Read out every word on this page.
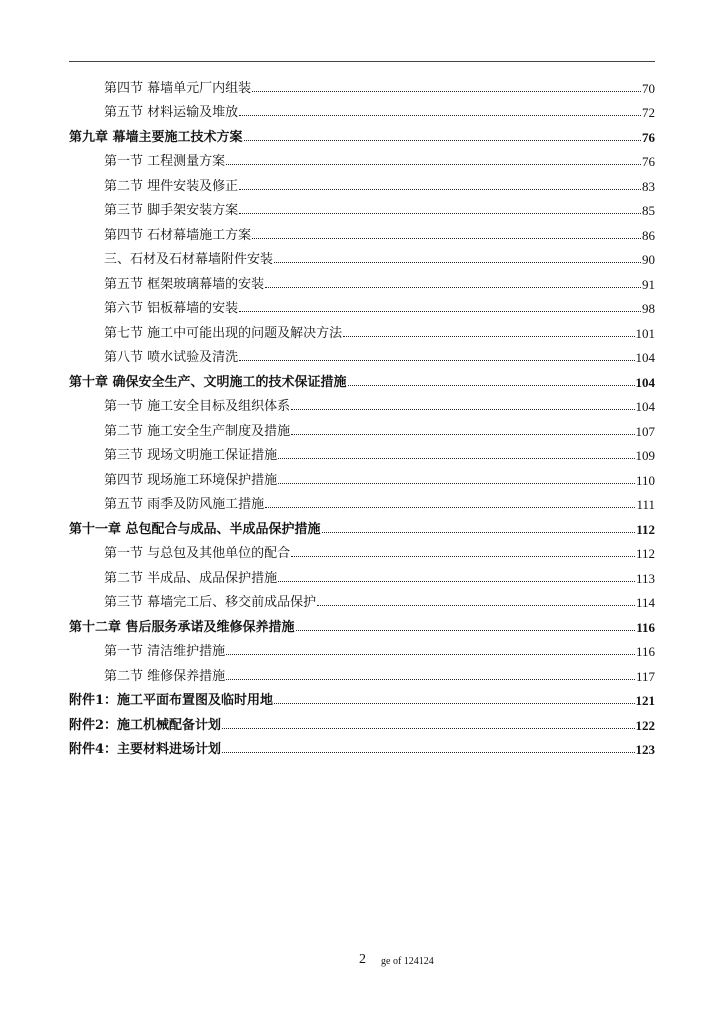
第四节 幕墙单元厂内组装	70
第五节 材料运输及堆放	72
第九章 幕墙主要施工技术方案	76
第一节 工程测量方案	76
第二节 埋件安装及修正	83
第三节 脚手架安装方案	85
第四节 石材幕墙施工方案	86
三、石材及石材幕墙附件安装	90
第五节 框架玻璃幕墙的安装	91
第六节 铝板幕墙的安装	98
第七节 施工中可能出现的问题及解决方法	101
第八节 喷水试验及清洗	104
第十章 确保安全生产、文明施工的技术保证措施	104
第一节 施工安全目标及组织体系	104
第二节 施工安全生产制度及措施	107
第三节 现场文明施工保证措施	109
第四节 现场施工环境保护措施	110
第五节 雨季及防风施工措施	111
第十一章 总包配合与成品、半成品保护措施	112
第一节 与总包及其他单位的配合	112
第二节 半成品、成品保护措施	113
第三节 幕墙完工后、移交前成品保护	114
第十二章 售后服务承诺及维修保养措施	116
第一节 清洁维护措施	116
第二节 维修保养措施	117
附件1：施工平面布置图及临时用地	121
附件2：施工机械配备计划	122
附件4：主要材料进场计划	123
2 ge of 124124
